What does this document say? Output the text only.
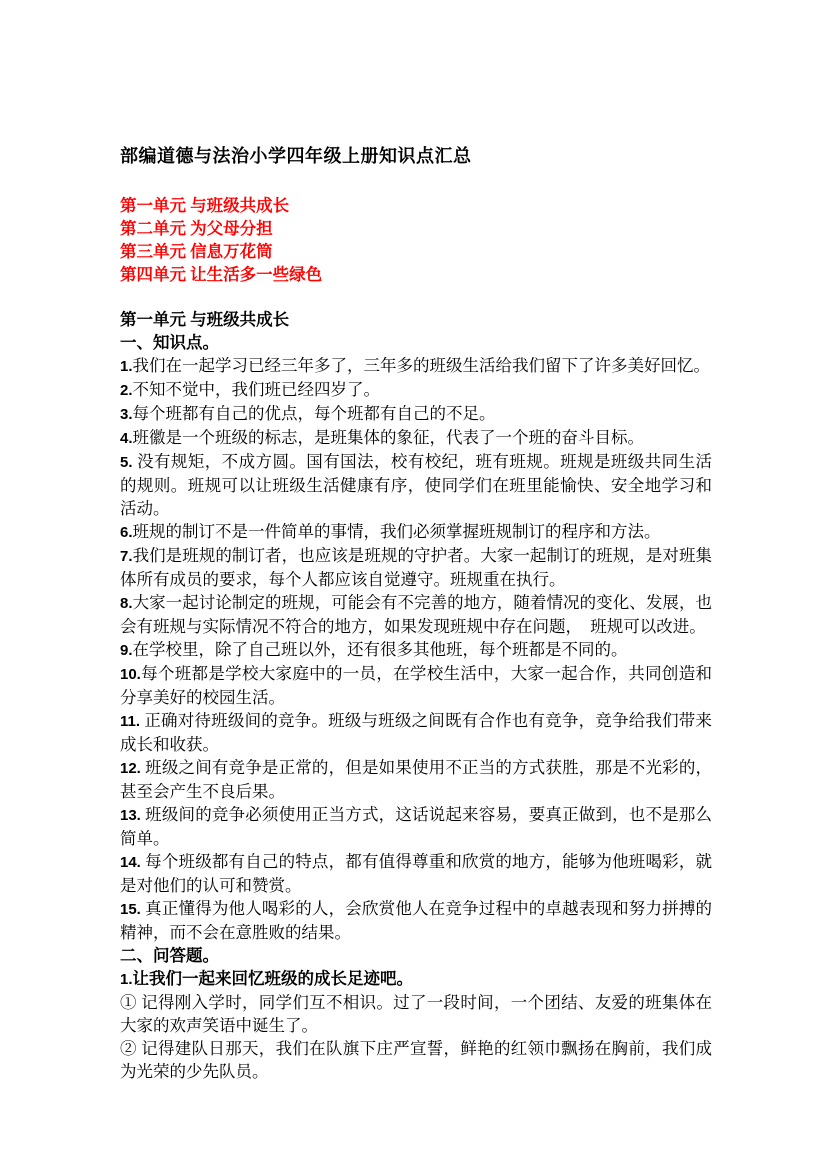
部编道德与法治小学四年级上册知识点汇总

第一单元 与班级共成长

第二单元 为父母分担

第三单元 信息万花筒

第四单元 让生活多一些绿色

第一单元 与班级共成长

一、知识点。

1.我们在一起学习已经三年多了，三年多的班级生活给我们留下了许多美好回忆。

2.不知不觉中，我们班已经四岁了。

3.每个班都有自己的优点，每个班都有自己的不足。

4.班徽是一个班级的标志，是班集体的象征，代表了一个班的奋斗目标。

5. 没有规矩，不成方圆。国有国法，校有校纪，班有班规。班规是班级共同生活的规则。班规可以让班级生活健康有序，使同学们在班里能愉快、安全地学习和活动。

6.班规的制订不是一件简单的事情，我们必须掌握班规制订的程序和方法。

7.我们是班规的制订者，也应该是班规的守护者。大家一起制订的班规，是对班集体所有成员的要求，每个人都应该自觉遵守。班规重在执行。

8.大家一起讨论制定的班规，可能会有不完善的地方，随着情况的变化、发展，也会有班规与实际情况不符合的地方，如果发现班规中存在问题，　班规可以改进。

9.在学校里，除了自己班以外，还有很多其他班，每个班都是不同的。

10.每个班都是学校大家庭中的一员，在学校生活中，大家一起合作，共同创造和分享美好的校园生活。

11. 正确对待班级间的竞争。班级与班级之间既有合作也有竞争，竞争给我们带来成长和收获。

12. 班级之间有竞争是正常的，但是如果使用不正当的方式获胜，那是不光彩的，甚至会产生不良后果。

13. 班级间的竞争必须使用正当方式，这话说起来容易，要真正做到，也不是那么简单。

14. 每个班级都有自己的特点，都有值得尊重和欣赏的地方，能够为他班喝彩，就是对他们的认可和赞赏。

15. 真正懂得为他人喝彩的人，会欣赏他人在竞争过程中的卓越表现和努力拼搏的精神，而不会在意胜败的结果。

二、问答题。

1.让我们一起来回忆班级的成长足迹吧。

① 记得刚入学时，同学们互不相识。过了一段时间，一个团结、友爱的班集体在大家的欢声笑语中诞生了。

② 记得建队日那天，我们在队旗下庄严宣誓，鲜艳的红领巾飘扬在胸前，我们成为光荣的少先队员。
